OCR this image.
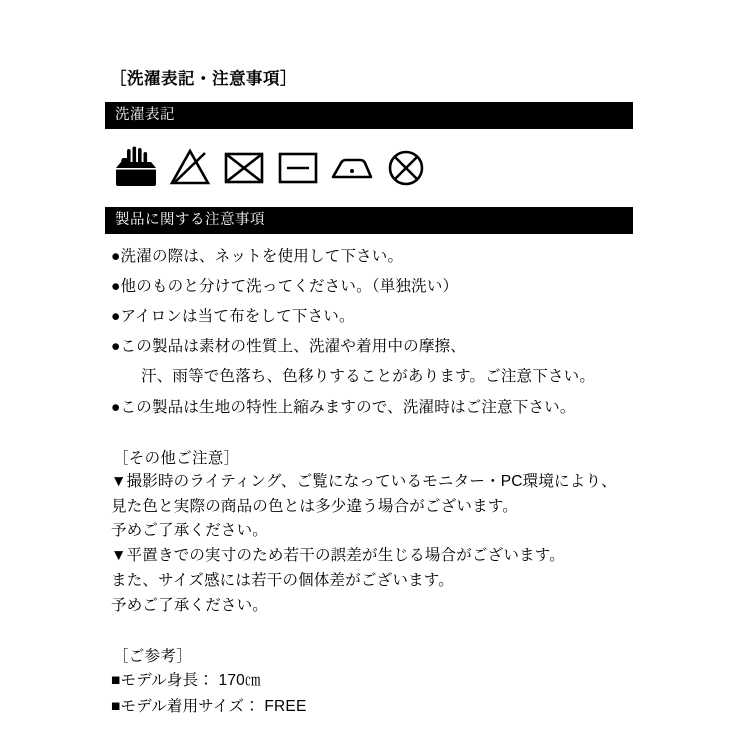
［洗濯表記・注意事項］
洗濯表記
製品に関する注意事項
●洗濯の際は、ネットを使用して下さい。
●他のものと分けて洗ってください。（単独洗い）
●アイロンは当て布をして下さい。
●この製品は素材の性質上、洗濯や着用中の摩擦、
汗、雨等で色落ち、色移りすることがあります。ご注意下さい。
●この製品は生地の特性上縮みますので、洗濯時はご注意下さい。
［その他ご注意］
▼撮影時のライティング、ご覧になっているモニター・PC環境により、
見た色と実際の商品の色とは多少違う場合がございます。
予めご了承ください。
▼平置きでの実寸のため若干の誤差が生じる場合がございます。
また、サイズ感には若干の個体差がございます。
予めご了承ください。
［ご参考］
■モデル身長： 170㎝
■モデル着用サイズ： FREE
